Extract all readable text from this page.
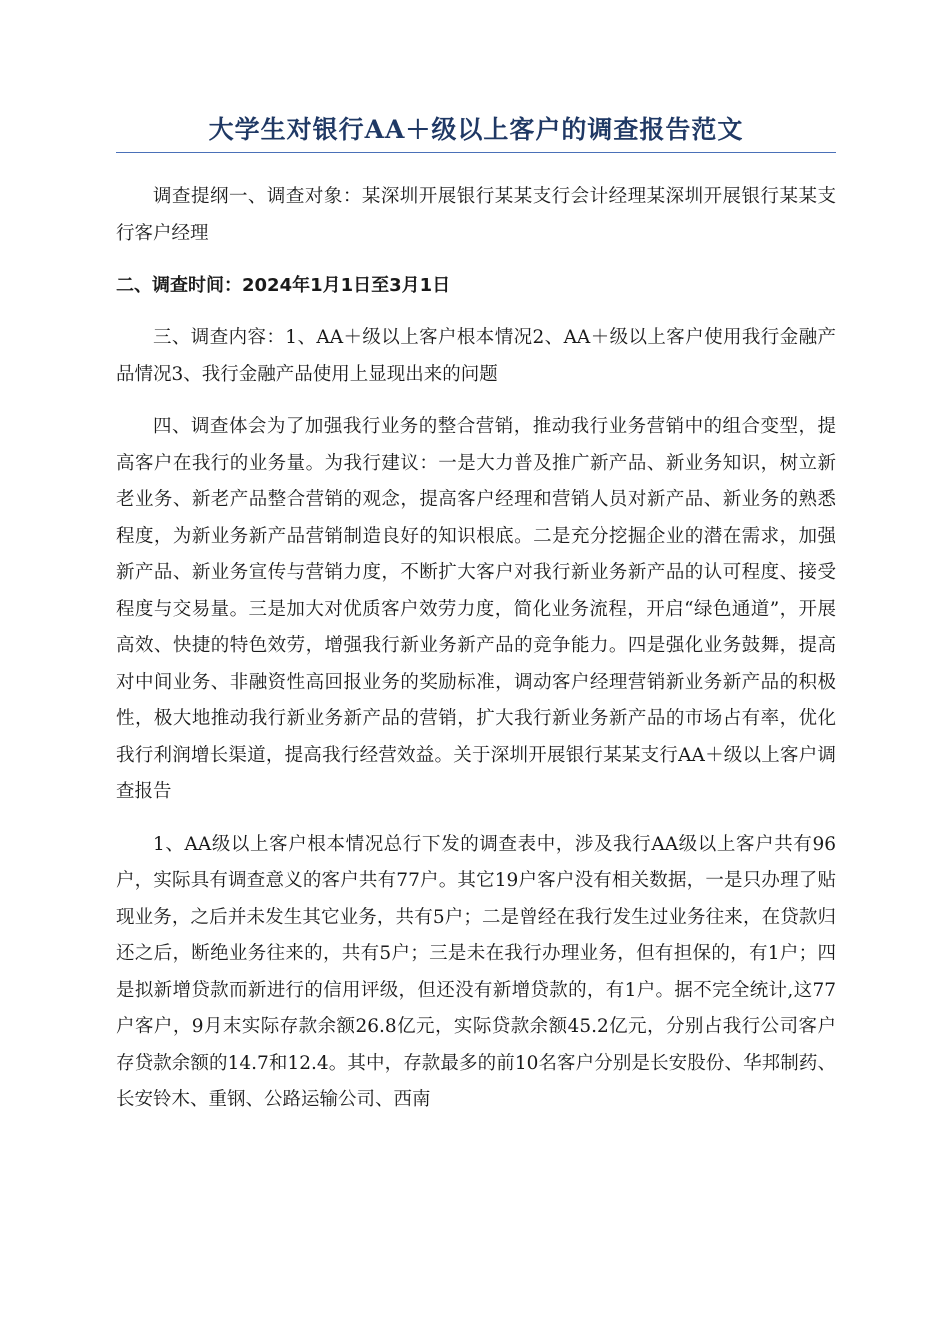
大学生对银行AA＋级以上客户的调查报告范文

调查提纲一、调查对象：某深圳开展银行某某支行会计经理某深圳开展银行某某支行客户经理

二、调查时间：2024年1月1日至3月1日

三、调查内容：1、AA＋级以上客户根本情况2、AA＋级以上客户使用我行金融产品情况3、我行金融产品使用上显现出来的问题

四、调查体会为了加强我行业务的整合营销，推动我行业务营销中的组合变型，提高客户在我行的业务量。为我行建议：一是大力普及推广新产品、新业务知识，树立新老业务、新老产品整合营销的观念，提高客户经理和营销人员对新产品、新业务的熟悉程度，为新业务新产品营销制造良好的知识根底。二是充分挖掘企业的潜在需求，加强新产品、新业务宣传与营销力度，不断扩大客户对我行新业务新产品的认可程度、接受程度与交易量。三是加大对优质客户效劳力度，简化业务流程，开启“绿色通道”，开展高效、快捷的特色效劳，增强我行新业务新产品的竞争能力。四是强化业务鼓舞，提高对中间业务、非融资性高回报业务的奖励标准，调动客户经理营销新业务新产品的积极性，极大地推动我行新业务新产品的营销，扩大我行新业务新产品的市场占有率，优化我行利润增长渠道，提高我行经营效益。关于深圳开展银行某某支行AA＋级以上客户调查报告

1、AA级以上客户根本情况总行下发的调查表中，涉及我行AA级以上客户共有96户，实际具有调查意义的客户共有77户。其它19户客户没有相关数据，一是只办理了贴现业务，之后并未发生其它业务，共有5户；二是曾经在我行发生过业务往来，在贷款归还之后，断绝业务往来的，共有5户；三是未在我行办理业务，但有担保的，有1户；四是拟新增贷款而新进行的信用评级，但还没有新增贷款的，有1户。据不完全统计,这77户客户，9月末实际存款余额26.8亿元，实际贷款余额45.2亿元，分别占我行公司客户存贷款余额的14.7和12.4。其中，存款最多的前10名客户分别是长安股份、华邦制药、长安铃木、重钢、公路运输公司、西南
